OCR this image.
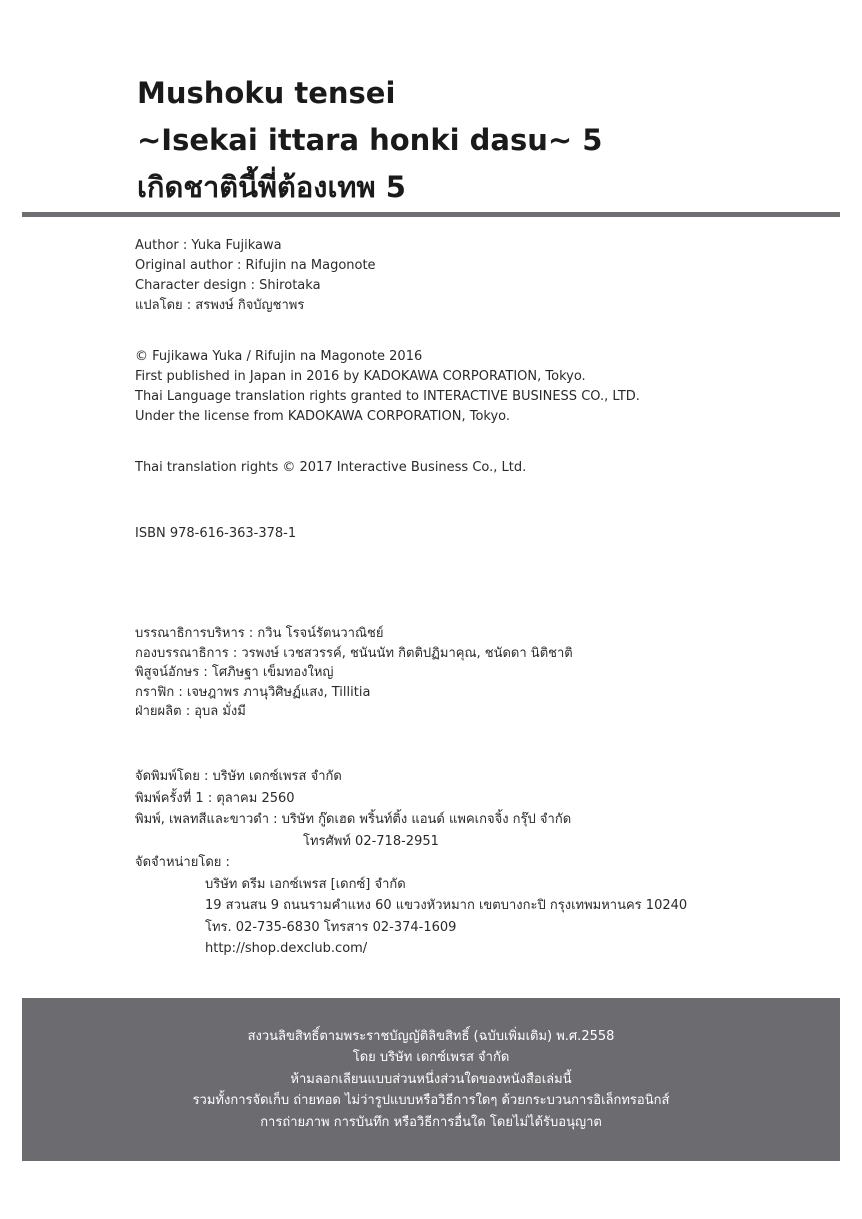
Mushoku tensei
~Isekai ittara honki dasu~ 5
เกิดชาตินี้พี่ต้องเทพ 5
Author : Yuka Fujikawa
Original author : Rifujin na Magonote
Character design : Shirotaka
แปลโดย : สรพงษ์ กิจบัญชาพร
© Fujikawa Yuka / Rifujin na Magonote 2016
First published in Japan in 2016 by KADOKAWA CORPORATION, Tokyo.
Thai Language translation rights granted to INTERACTIVE BUSINESS CO., LTD.
Under the license from KADOKAWA CORPORATION, Tokyo.
Thai translation rights © 2017 Interactive Business Co., Ltd.
ISBN 978-616-363-378-1
บรรณาธิการบริหาร : กวิน โรจน์รัตนวาณิชย์
กองบรรณาธิการ : วรพงษ์ เวชสวรรค์, ชนันนัท กิตติปฏิมาคุณ, ชนัดดา นิติชาติ
พิสูจน์อักษร : โศภิษฐา เข็มทองใหญ่
กราฟิก : เจษฎาพร ภานุวิศิษฏ์แสง, Tillitia
ฝ่ายผลิต : อุบล มั่งมี
จัดพิมพ์โดย : บริษัท เดกซ์เพรส จำกัด
พิมพ์ครั้งที่ 1 : ตุลาคม 2560
พิมพ์, เพลทสีและขาวดำ : บริษัท กู๊ดเฮด พริ้นท์ติ้ง แอนด์ แพคเกจจิ้ง กรุ๊ป จำกัด
โทรศัพท์ 02-718-2951
จัดจำหน่ายโดย :
บริษัท ดรีม เอกซ์เพรส [เดกซ์] จำกัด
19 สวนสน 9 ถนนรามคำแหง 60 แขวงหัวหมาก เขตบางกะปิ กรุงเทพมหานคร 10240
โทร. 02-735-6830 โทรสาร 02-374-1609
http://shop.dexclub.com/
สงวนลิขสิทธิ์ตามพระราชบัญญัติลิขสิทธิ์ (ฉบับเพิ่มเติม) พ.ศ.2558
โดย บริษัท เดกซ์เพรส จำกัด
ห้ามลอกเลียนแบบส่วนหนึ่งส่วนใดของหนังสือเล่มนี้
รวมทั้งการจัดเก็บ ถ่ายทอด ไม่ว่ารูปแบบหรือวิธีการใดๆ ด้วยกระบวนการอิเล็กทรอนิกส์
การถ่ายภาพ การบันทึก หรือวิธีการอื่นใด โดยไม่ได้รับอนุญาต
